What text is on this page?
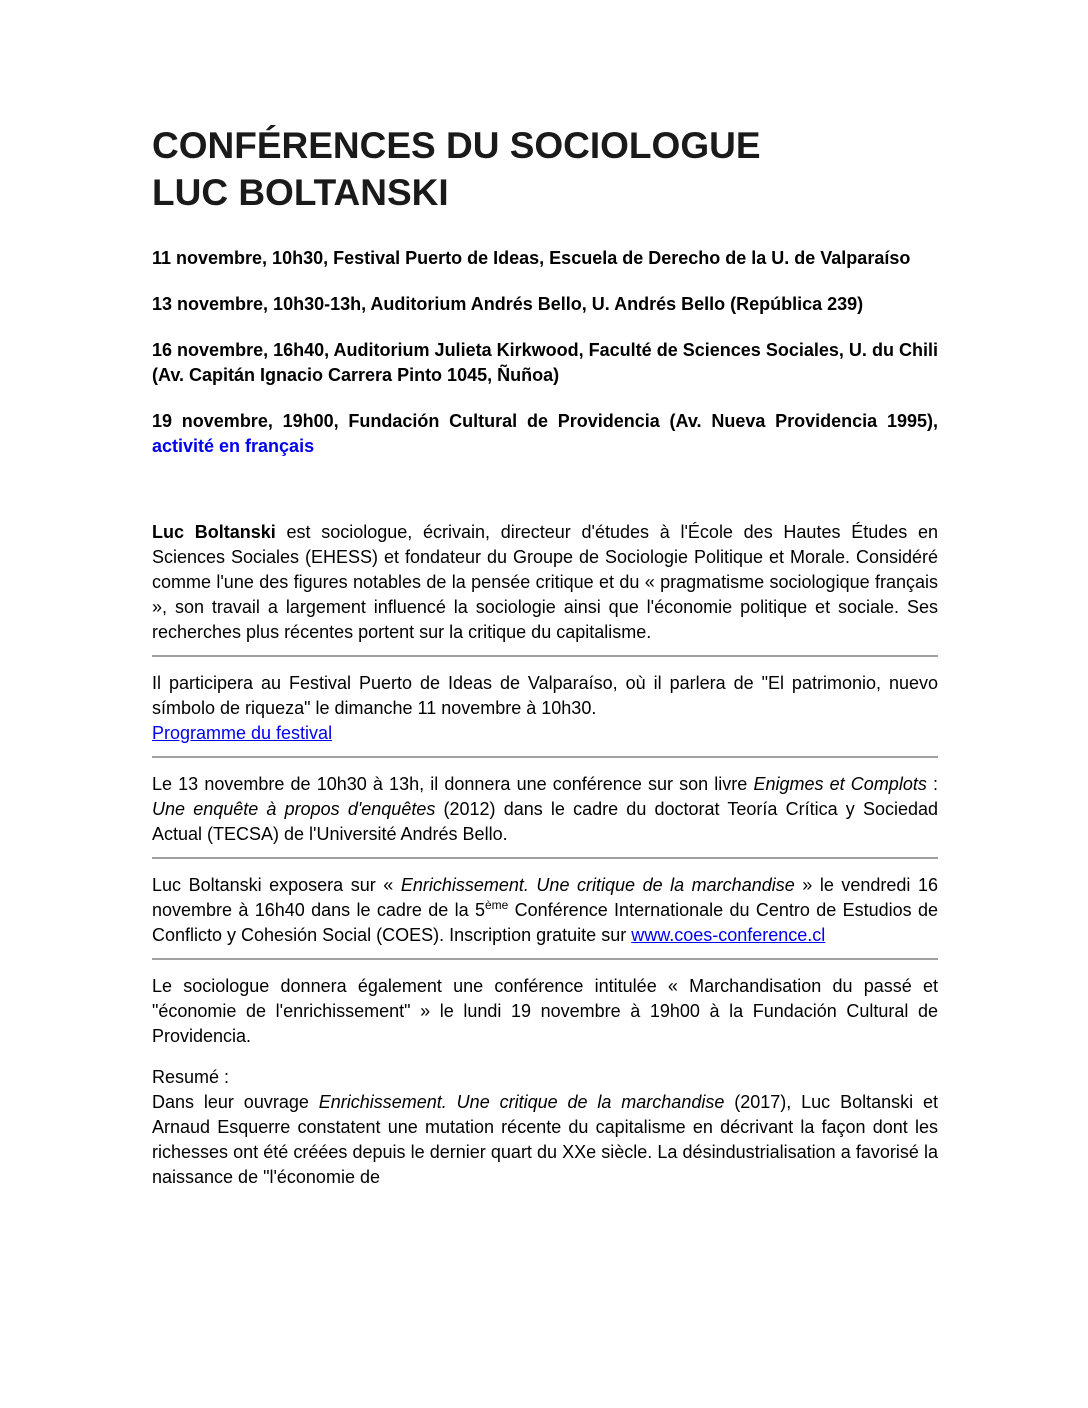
CONFÉRENCES DU SOCIOLOGUE
LUC BOLTANSKI

11 novembre, 10h30, Festival Puerto de Ideas, Escuela de Derecho de la U. de Valparaíso

13 novembre, 10h30-13h, Auditorium Andrés Bello, U. Andrés Bello (República 239)

16 novembre, 16h40, Auditorium Julieta Kirkwood, Faculté de Sciences Sociales, U. du Chili (Av. Capitán Ignacio Carrera Pinto 1045, Ñuñoa)

19 novembre, 19h00, Fundación Cultural de Providencia (Av. Nueva Providencia 1995), activité en français

Luc Boltanski est sociologue, écrivain, directeur d'études à l'École des Hautes Études en Sciences Sociales (EHESS) et fondateur du Groupe de Sociologie Politique et Morale. Considéré comme l'une des figures notables de la pensée critique et du « pragmatisme sociologique français », son travail a largement influencé la sociologie ainsi que l'économie politique et sociale. Ses recherches plus récentes portent sur la critique du capitalisme.

Il participera au Festival Puerto de Ideas de Valparaíso, où il parlera de "El patrimonio, nuevo símbolo de riqueza" le dimanche 11 novembre à 10h30.
Programme du festival

Le 13 novembre de 10h30 à 13h, il donnera une conférence sur son livre Enigmes et Complots : Une enquête à propos d'enquêtes (2012) dans le cadre du doctorat Teoría Crítica y Sociedad Actual (TECSA) de l'Université Andrés Bello.

Luc Boltanski exposera sur « Enrichissement. Une critique de la marchandise » le vendredi 16 novembre à 16h40 dans le cadre de la 5ème Conférence Internationale du Centro de Estudios de Conflicto y Cohesión Social (COES). Inscription gratuite sur www.coes-conference.cl

Le sociologue donnera également une conférence intitulée « Marchandisation du passé et "économie de l'enrichissement" » le lundi 19 novembre à 19h00 à la Fundación Cultural de Providencia.

Resumé :
Dans leur ouvrage Enrichissement. Une critique de la marchandise (2017), Luc Boltanski et Arnaud Esquerre constatent une mutation récente du capitalisme en décrivant la façon dont les richesses ont été créées depuis le dernier quart du XXe siècle. La désindustrialisation a favorisé la naissance de "l'économie de
